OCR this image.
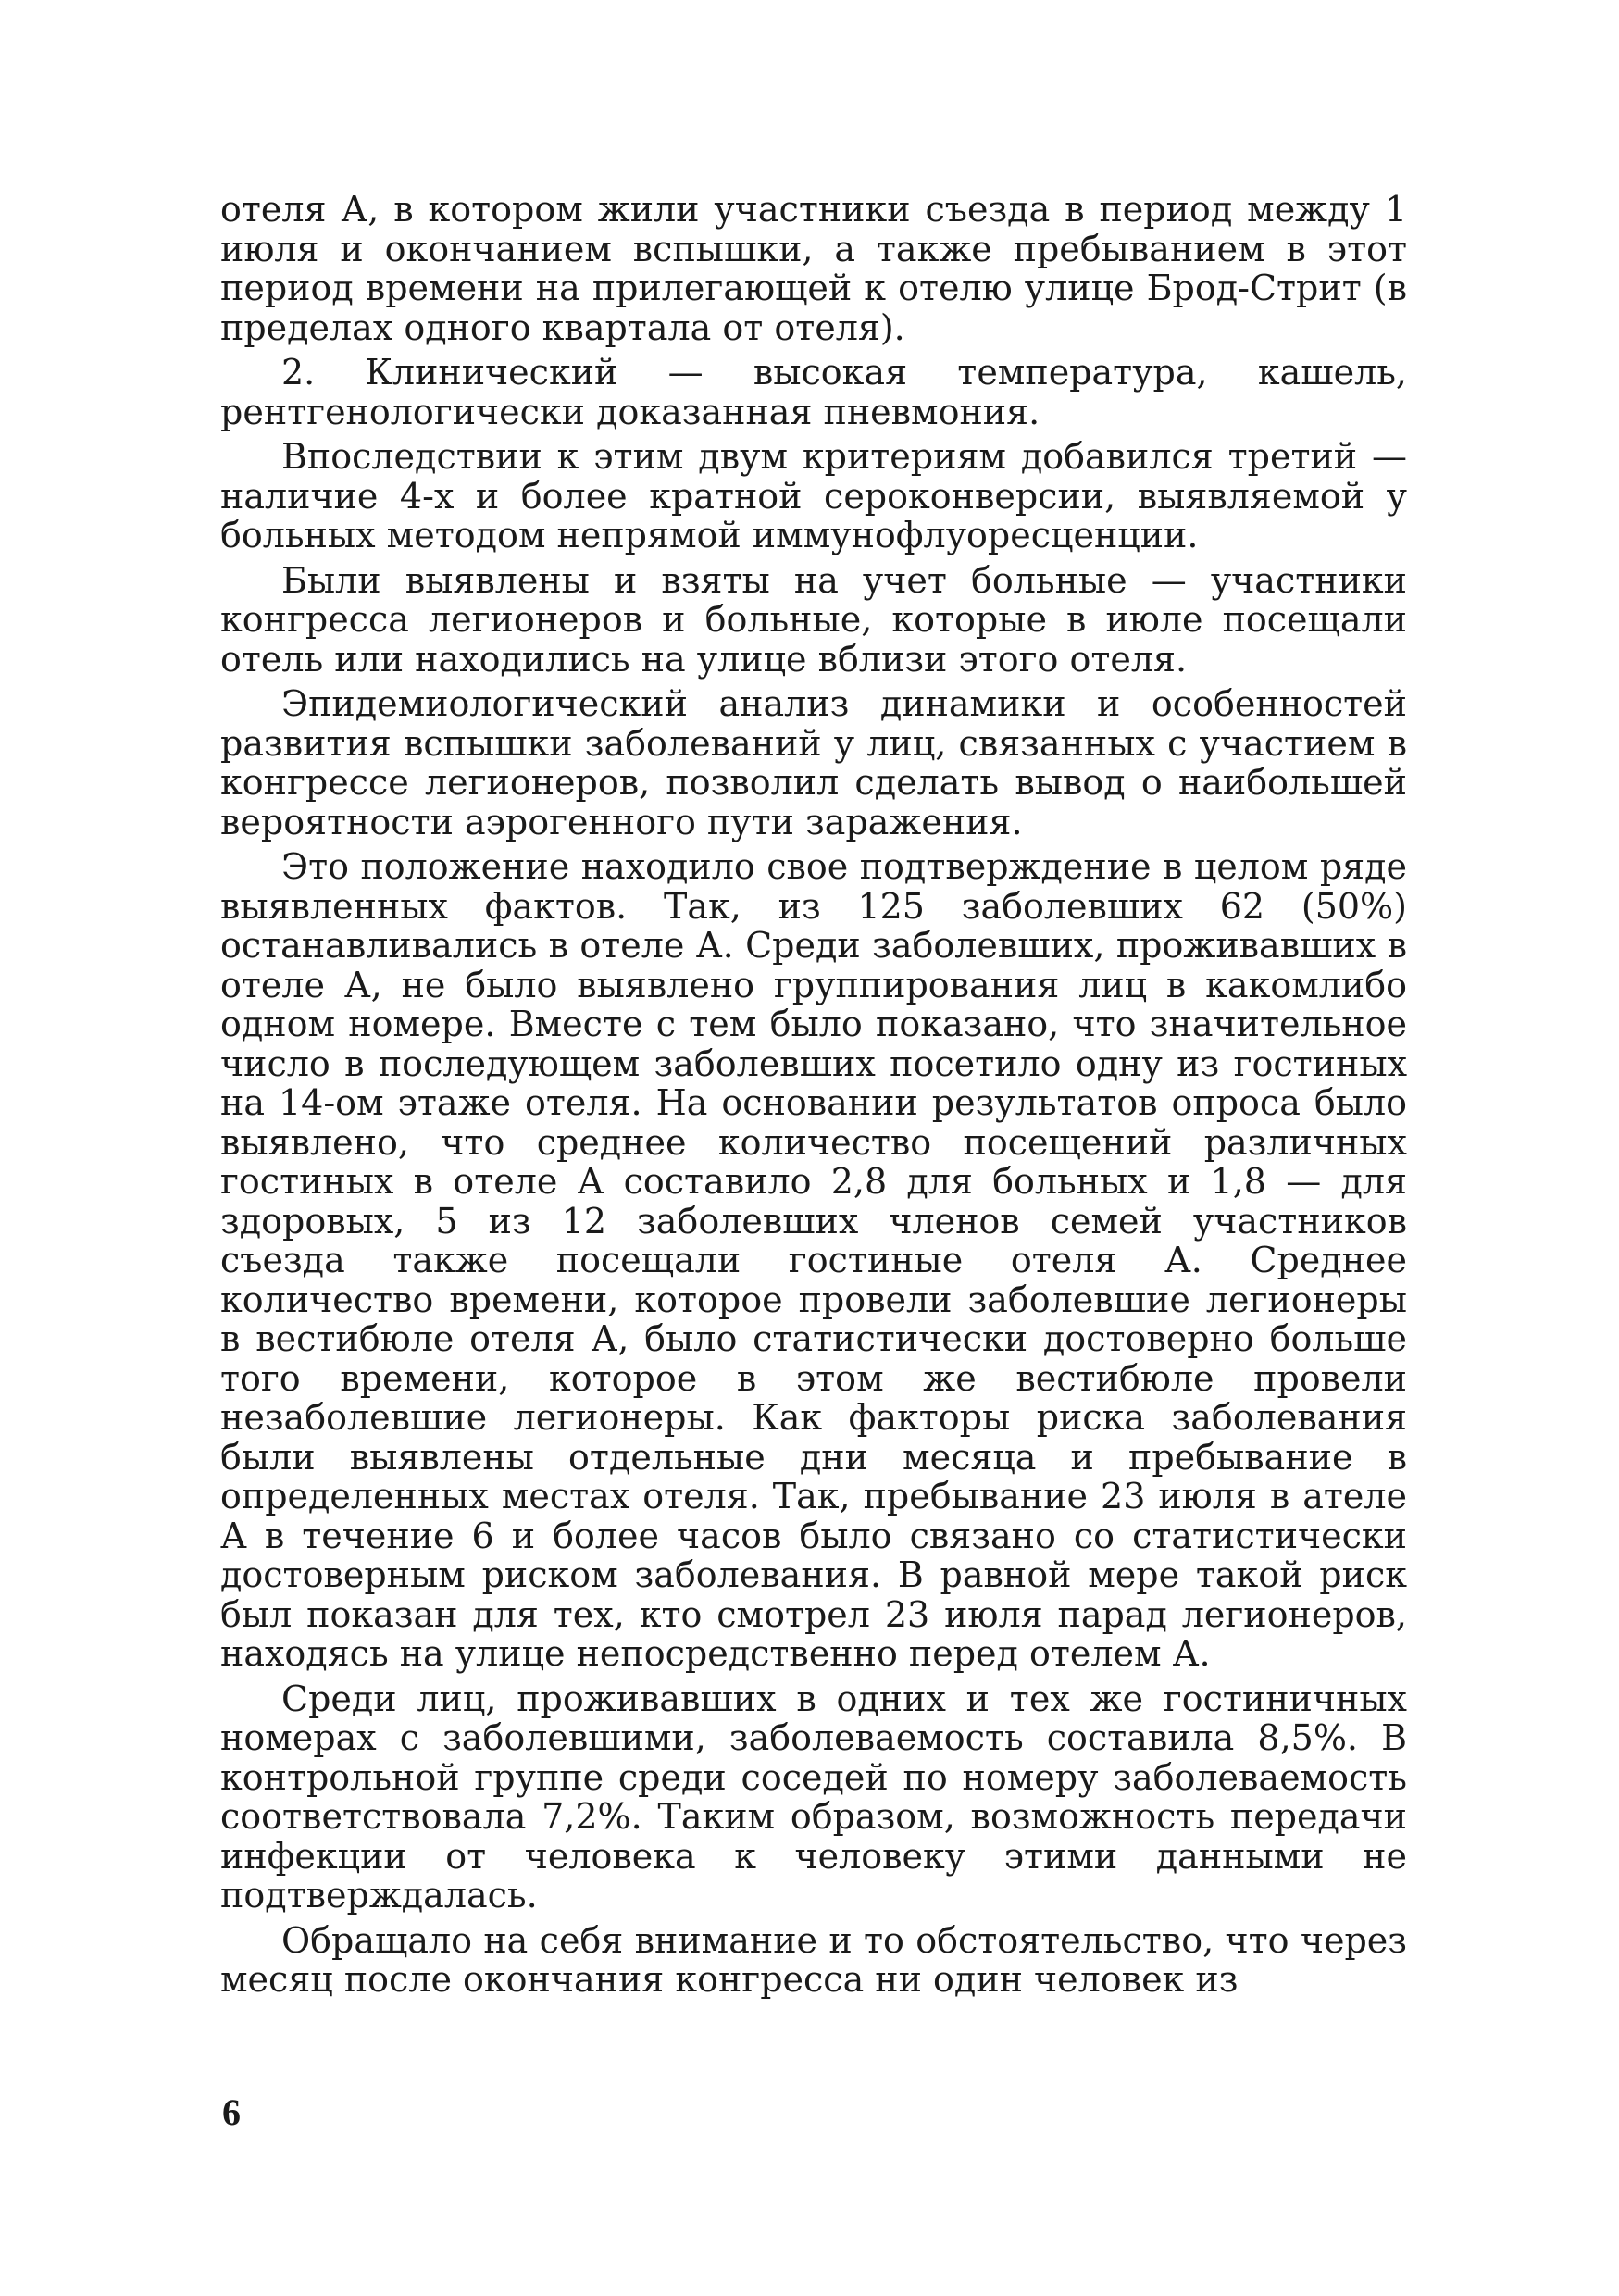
отеля А, в котором жили участники съезда в период между 1 июля и окончанием вспышки, а также пребыванием в этот период времени на прилегающей к отелю улице Брод-Стрит (в пределах одного квартала от отеля).

2. Клинический — высокая температура, кашель, рентгенологически доказанная пневмония.

Впоследствии к этим двум критериям добавился третий — наличие 4-х и более кратной сероконверсии, выявляемой у больных методом непрямой иммунофлуоресценции.

Были выявлены и взяты на учет больные — участники конгресса легионеров и больные, которые в июле посещали отель или находились на улице вблизи этого отеля.

Эпидемиологический анализ динамики и особенностей развития вспышки заболеваний у лиц, связанных с участием в конгрессе легионеров, позволил сделать вывод о наибольшей вероятности аэрогенного пути заражения.

Это положение находило свое подтверждение в целом ряде выявленных фактов. Так, из 125 заболевших 62 (50%) останавливались в отеле А. Среди заболевших, проживавших в отеле А, не было выявлено группирования лиц в какомлибо одном номере. Вместе с тем было показано, что значительное число в последующем заболевших посетило одну из гостиных на 14-ом этаже отеля. На основании результатов опроса было выявлено, что среднее количество посещений различных гостиных в отеле А составило 2,8 для больных и 1,8 — для здоровых, 5 из 12 заболевших членов семей участников съезда также посещали гостиные отеля А. Среднее количество времени, которое провели заболевшие легионеры в вестибюле отеля А, было статистически достоверно больше того времени, которое в этом же вестибюле провели незаболевшие легионеры. Как факторы риска заболевания были выявлены отдельные дни месяца и пребывание в определенных местах отеля. Так, пребывание 23 июля в ателе А в течение 6 и более часов было связано со статистически достоверным риском заболевания. В равной мере такой риск был показан для тех, кто смотрел 23 июля парад легионеров, находясь на улице непосредственно перед отелем А.

Среди лиц, проживавших в одних и тех же гостиничных номерах с заболевшими, заболеваемость составила 8,5%. В контрольной группе среди соседей по номеру заболеваемость соответствовала 7,2%. Таким образом, возможность передачи инфекции от человека к человеку этими данными не подтверждалась.

Обращало на себя внимание и то обстоятельство, что через месяц после окончания конгресса ни один человек из

6
